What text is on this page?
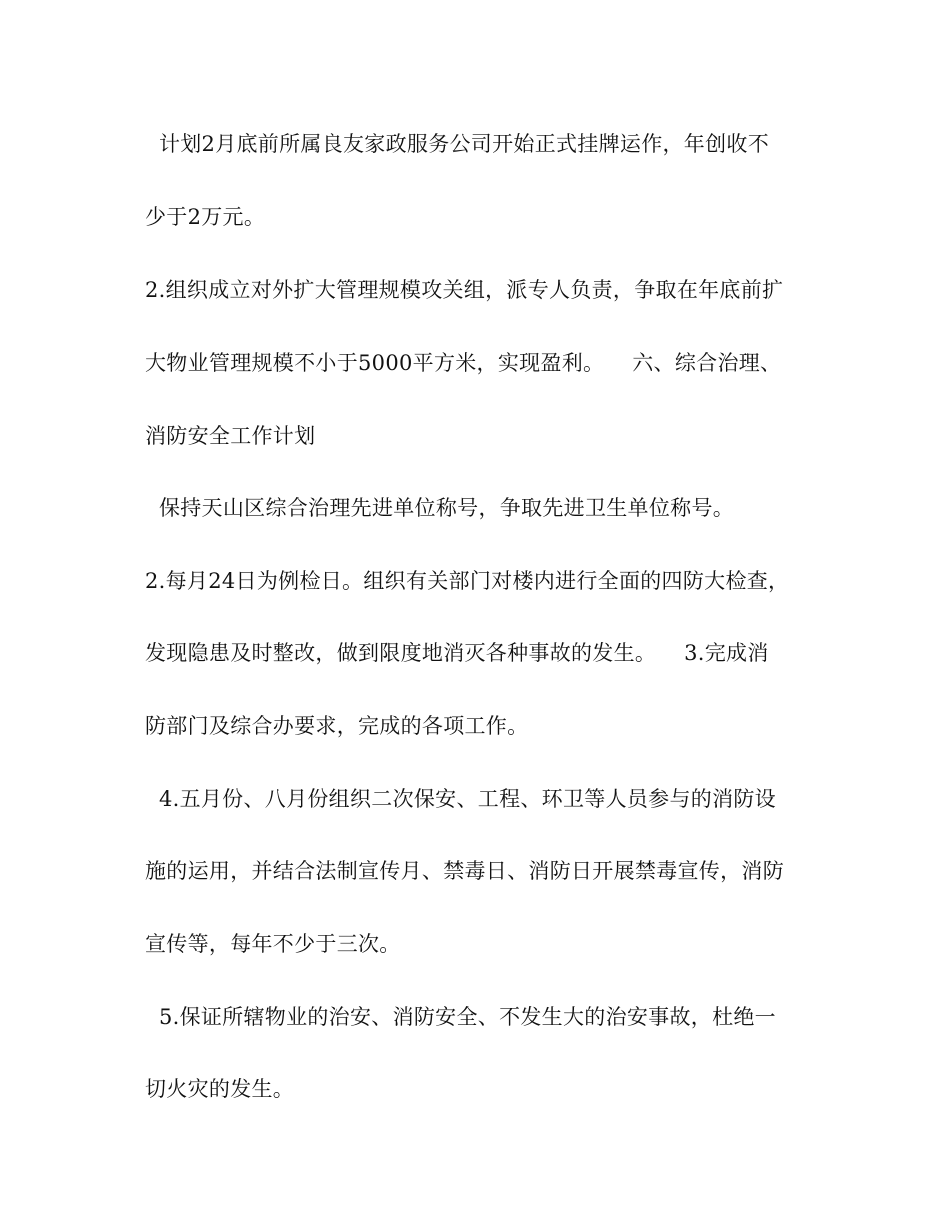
计划2月底前所属良友家政服务公司开始正式挂牌运作，年创收不
少于2万元。
2.组织成立对外扩大管理规模攻关组，派专人负责，争取在年底前扩
大物业管理规模不小于5000平方米，实现盈利。    六、综合治理、
消防安全工作计划
保持天山区综合治理先进单位称号，争取先进卫生单位称号。
2.每月24日为例检日。组织有关部门对楼内进行全面的四防大检查，
发现隐患及时整改，做到限度地消灭各种事故的发生。    3.完成消
防部门及综合办要求，完成的各项工作。
4.五月份、八月份组织二次保安、工程、环卫等人员参与的消防设
施的运用，并结合法制宣传月、禁毒日、消防日开展禁毒宣传，消防
宣传等，每年不少于三次。
5.保证所辖物业的治安、消防安全、不发生大的治安事故，杜绝一
切火灾的发生。
